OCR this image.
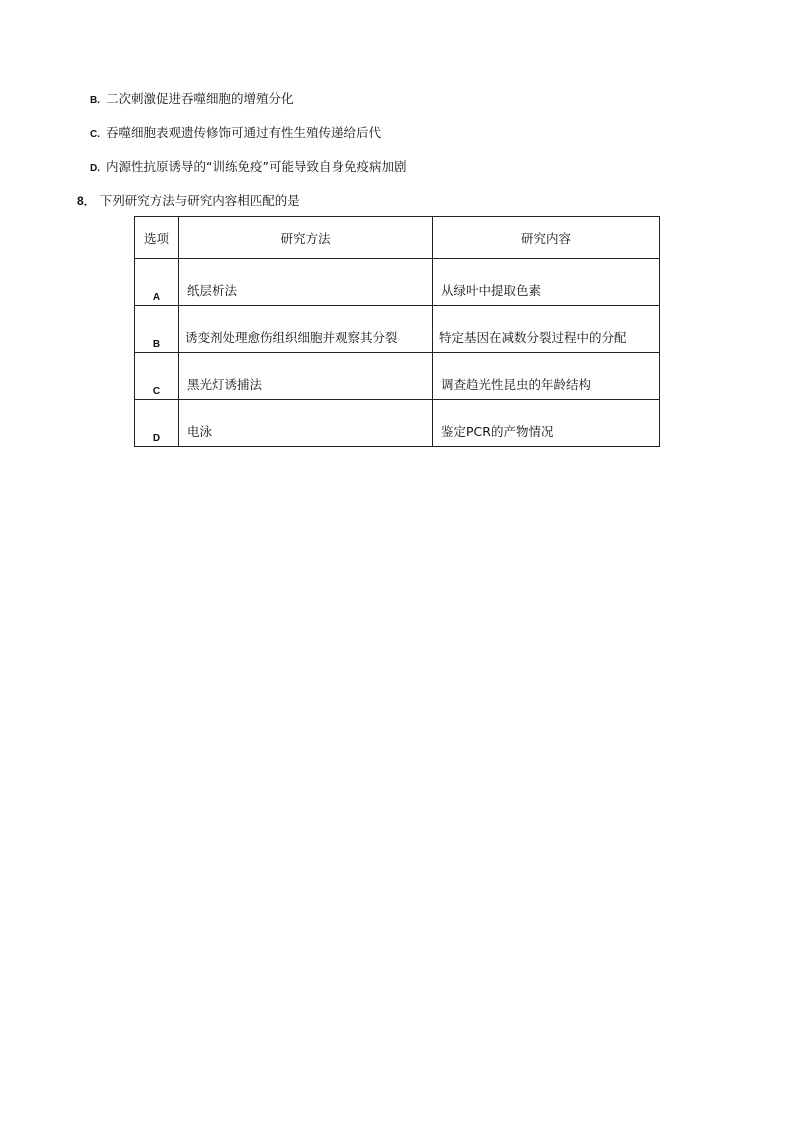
B. 二次刺激促进吞噬细胞的增殖分化
C. 吞噬细胞表观遗传修饰可通过有性生殖传递给后代
D. 内源性抗原诱导的“训练免疫”可能导致自身免疫病加剧
8． 下列研究方法与研究内容相匹配的是
选项	研究方法	研究内容
A	纸层析法	从绿叶中提取色素
B	诱变剂处理愈伤组织细胞并观察其分裂	特定基因在减数分裂过程中的分配
C	黑光灯诱捕法	调查趋光性昆虫的年龄结构
D	电泳	鉴定PCR的产物情况
